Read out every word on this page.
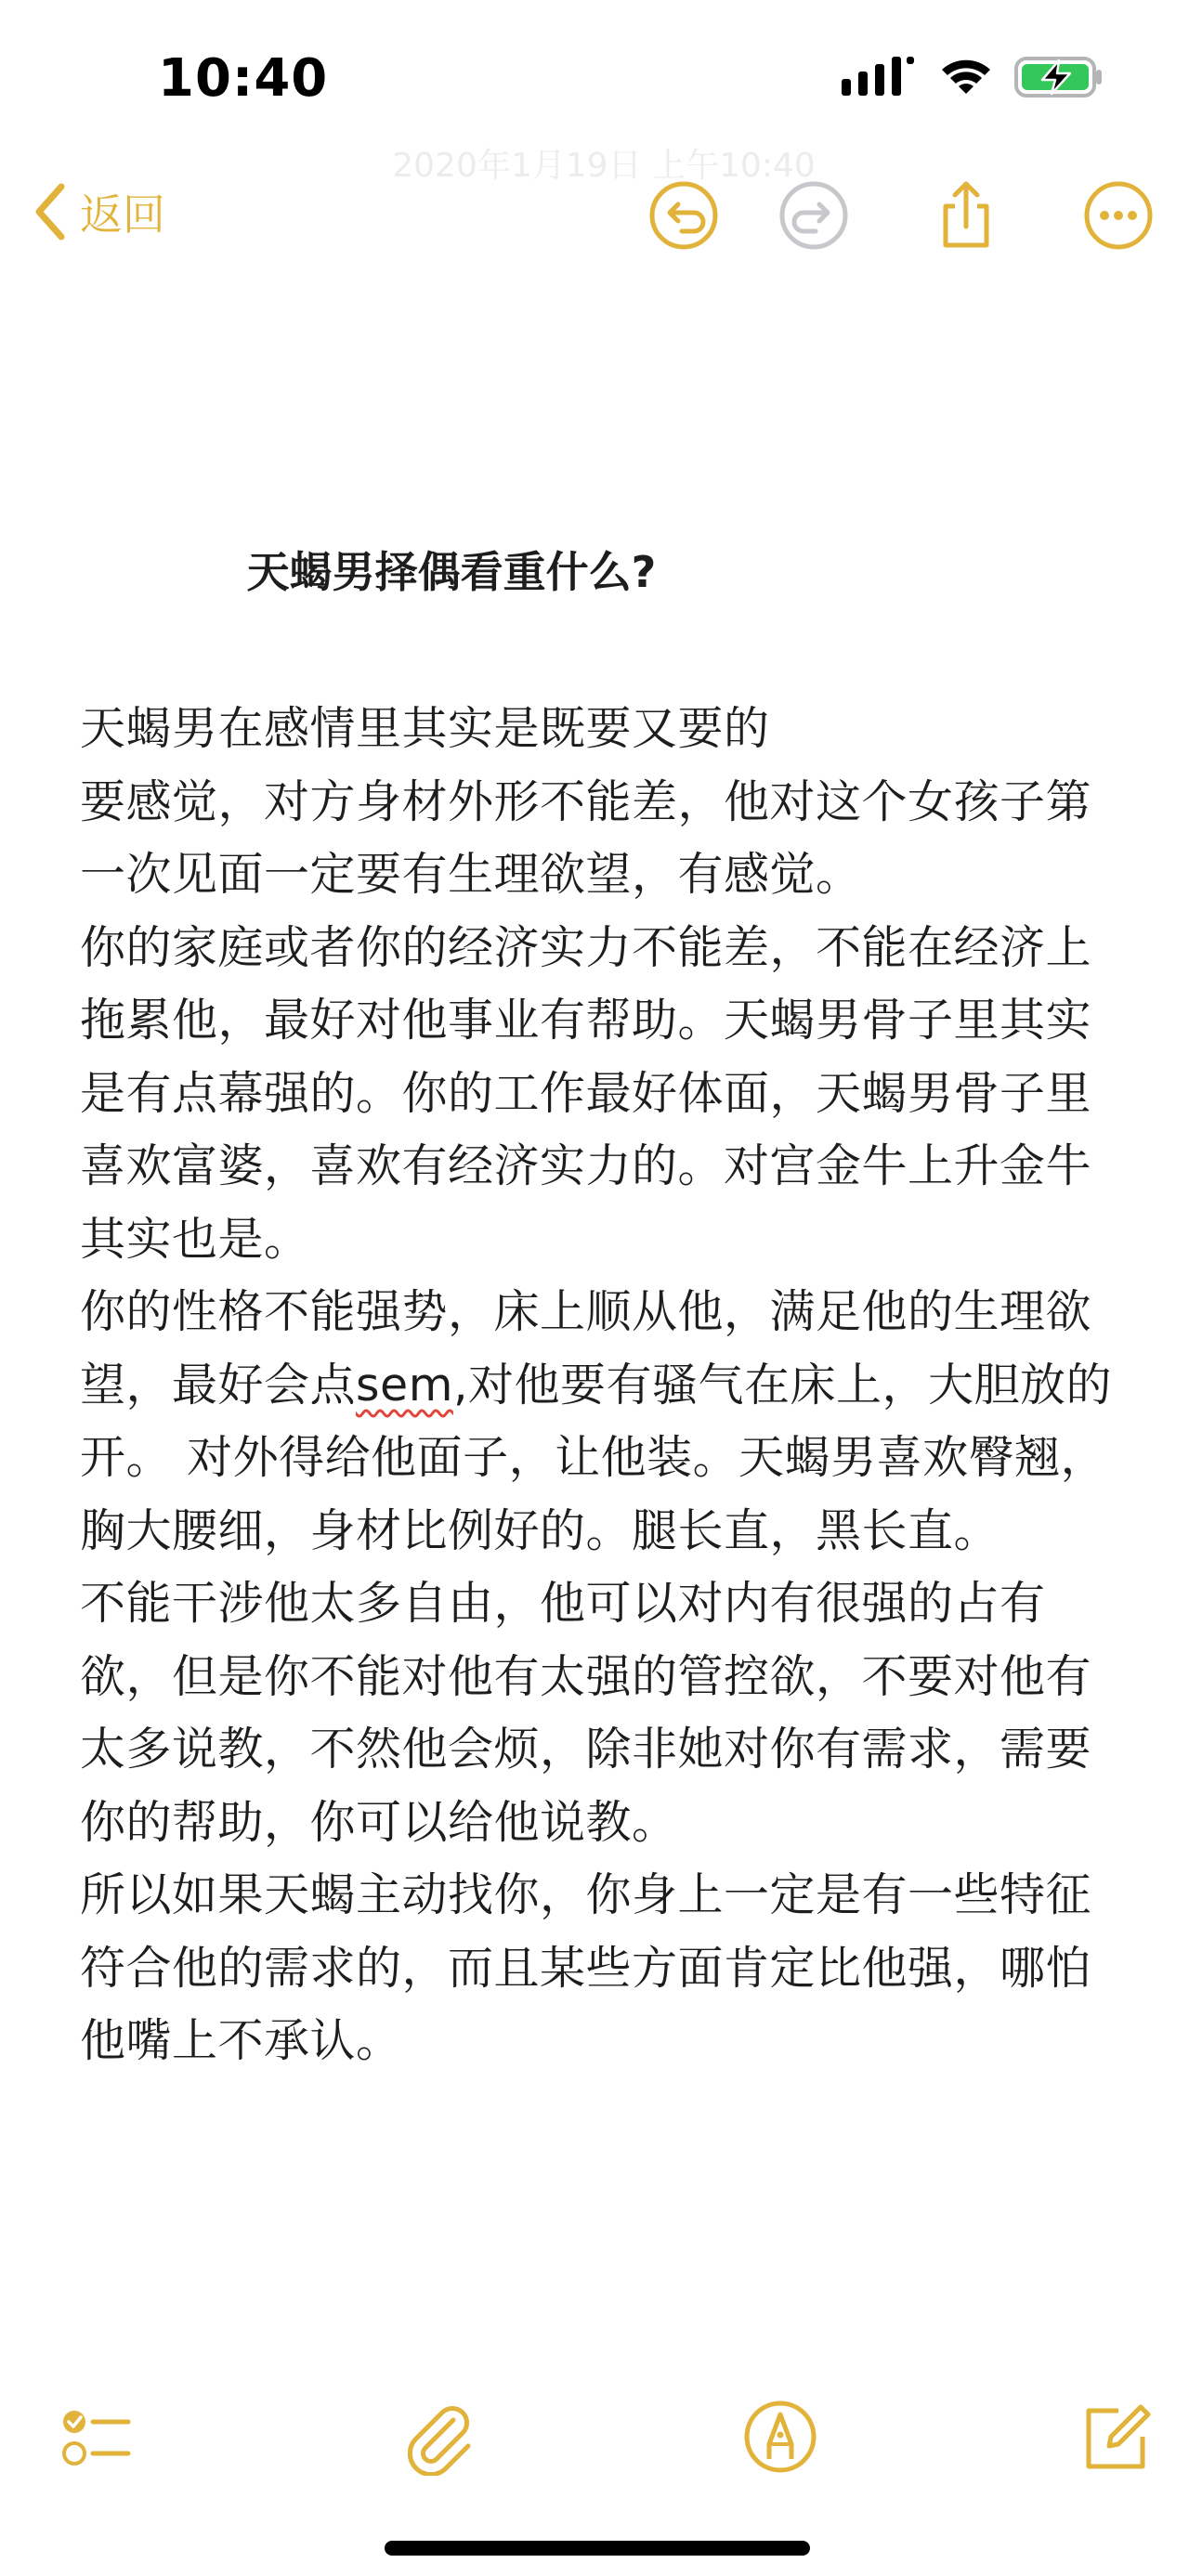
10:40
2020年1月19日 上午10:40
返回
天蝎男择偶看重什么?

天蝎男在感情里其实是既要又要的

要感觉，对方身材外形不能差，他对这个女孩子第一次见面一定要有生理欲望，有感觉。

你的家庭或者你的经济实力不能差，不能在经济上拖累他，最好对他事业有帮助。天蝎男骨子里其实是有点幕强的。你的工作最好体面，天蝎男骨子里喜欢富婆，喜欢有经济实力的。对宫金牛上升金牛其实也是。

你的性格不能强势，床上顺从他，满足他的生理欲望，最好会点sem,对他要有骚气在床上，大胆放的开。 对外得给他面子，让他装。天蝎男喜欢臀翘，胸大腰细，身材比例好的。腿长直，黑长直。

不能干涉他太多自由，他可以对内有很强的占有欲，但是你不能对他有太强的管控欲，不要对他有太多说教，不然他会烦，除非她对你有需求，需要你的帮助，你可以给他说教。

所以如果天蝎主动找你，你身上一定是有一些特征符合他的需求的，而且某些方面肯定比他强，哪怕他嘴上不承认。
